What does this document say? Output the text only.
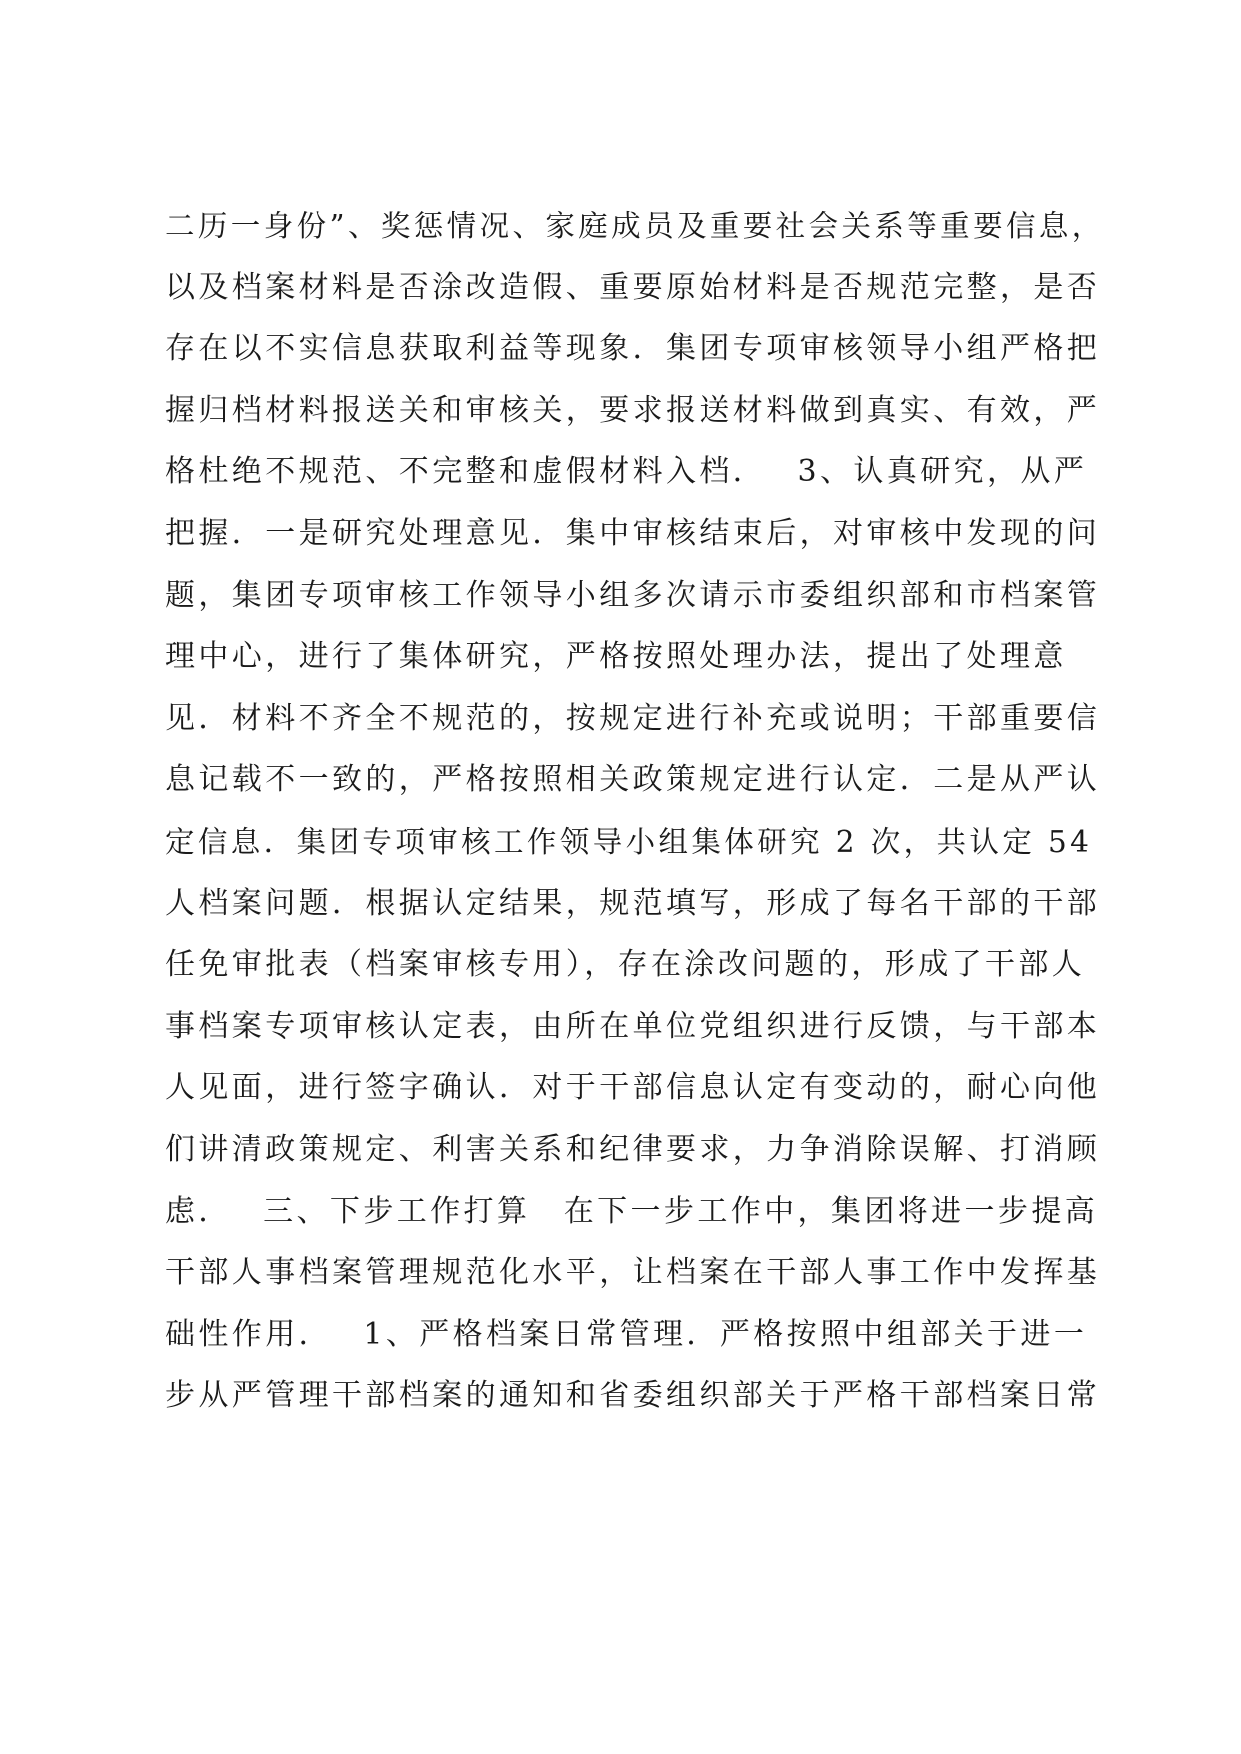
二历一身份”、奖惩情况、家庭成员及重要社会关系等重要信息，
以及档案材料是否涂改造假、重要原始材料是否规范完整，是否
存在以不实信息获取利益等现象．集团专项审核领导小组严格把
握归档材料报送关和审核关，要求报送材料做到真实、有效，严
格杜绝不规范、不完整和虚假材料入档．　 3、认真研究，从严
把握．一是研究处理意见．集中审核结束后，对审核中发现的问
题，集团专项审核工作领导小组多次请示市委组织部和市档案管
理中心，进行了集体研究，严格按照处理办法，提出了处理意
见．材料不齐全不规范的，按规定进行补充或说明；干部重要信
息记载不一致的，严格按照相关政策规定进行认定．二是从严认
定信息．集团专项审核工作领导小组集体研究 2 次，共认定 54
人档案问题．根据认定结果，规范填写，形成了每名干部的干部
任免审批表（档案审核专用），存在涂改问题的，形成了干部人
事档案专项审核认定表，由所在单位党组织进行反馈，与干部本
人见面，进行签字确认．对于干部信息认定有变动的，耐心向他
们讲清政策规定、利害关系和纪律要求，力争消除误解、打消顾
虑．　 三、下步工作打算　在下一步工作中，集团将进一步提高
干部人事档案管理规范化水平，让档案在干部人事工作中发挥基
础性作用．　 1、严格档案日常管理．严格按照中组部关于进一
步从严管理干部档案的通知和省委组织部关于严格干部档案日常
